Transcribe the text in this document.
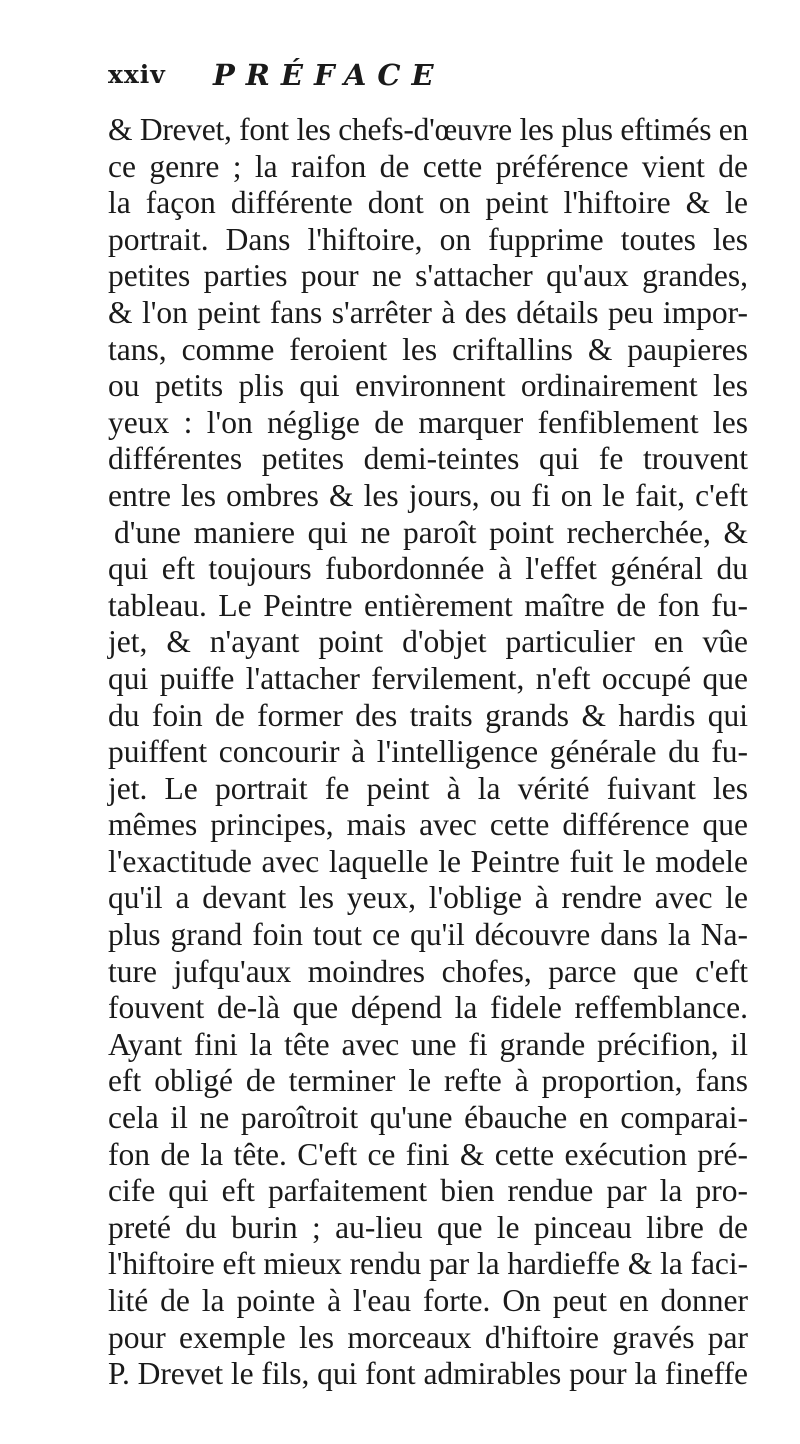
xxiv PRÉFACE
& Drevet, font les chefs-d'œuvre les plus eftimés en
ce genre ; la raifon de cette préférence vient de
la façon différente dont on peint l'hiftoire & le
portrait. Dans l'hiftoire, on fupprime toutes les
petites parties pour ne s'attacher qu'aux grandes,
& l'on peint fans s'arrêter à des détails peu impor-
tans, comme feroient les criftallins & paupieres
ou petits plis qui environnent ordinairement les
yeux : l'on néglige de marquer fenfiblement les
différentes petites demi-teintes qui fe trouvent
entre les ombres & les jours, ou fi on le fait, c'eft
d'une maniere qui ne paroît point recherchée, &
qui eft toujours fubordonnée à l'effet général du
tableau. Le Peintre entièrement maître de fon fu-
jet, & n'ayant point d'objet particulier en vûe
qui puiffe l'attacher fervilement, n'eft occupé que
du foin de former des traits grands & hardis qui
puiffent concourir à l'intelligence générale du fu-
jet. Le portrait fe peint à la vérité fuivant les
mêmes principes, mais avec cette différence que
l'exactitude avec laquelle le Peintre fuit le modele
qu'il a devant les yeux, l'oblige à rendre avec le
plus grand foin tout ce qu'il découvre dans la Na-
ture jufqu'aux moindres chofes, parce que c'eft
fouvent de-là que dépend la fidele reffemblance.
Ayant fini la tête avec une fi grande précifion, il
eft obligé de terminer le refte à proportion, fans
cela il ne paroîtroit qu'une ébauche en comparai-
fon de la tête. C'eft ce fini & cette exécution pré-
cife qui eft parfaitement bien rendue par la pro-
preté du burin ; au-lieu que le pinceau libre de
l'hiftoire eft mieux rendu par la hardieffe & la faci-
lité de la pointe à l'eau forte. On peut en donner
pour exemple les morceaux d'hiftoire gravés par
P. Drevet le fils, qui font admirables pour la fineffe
